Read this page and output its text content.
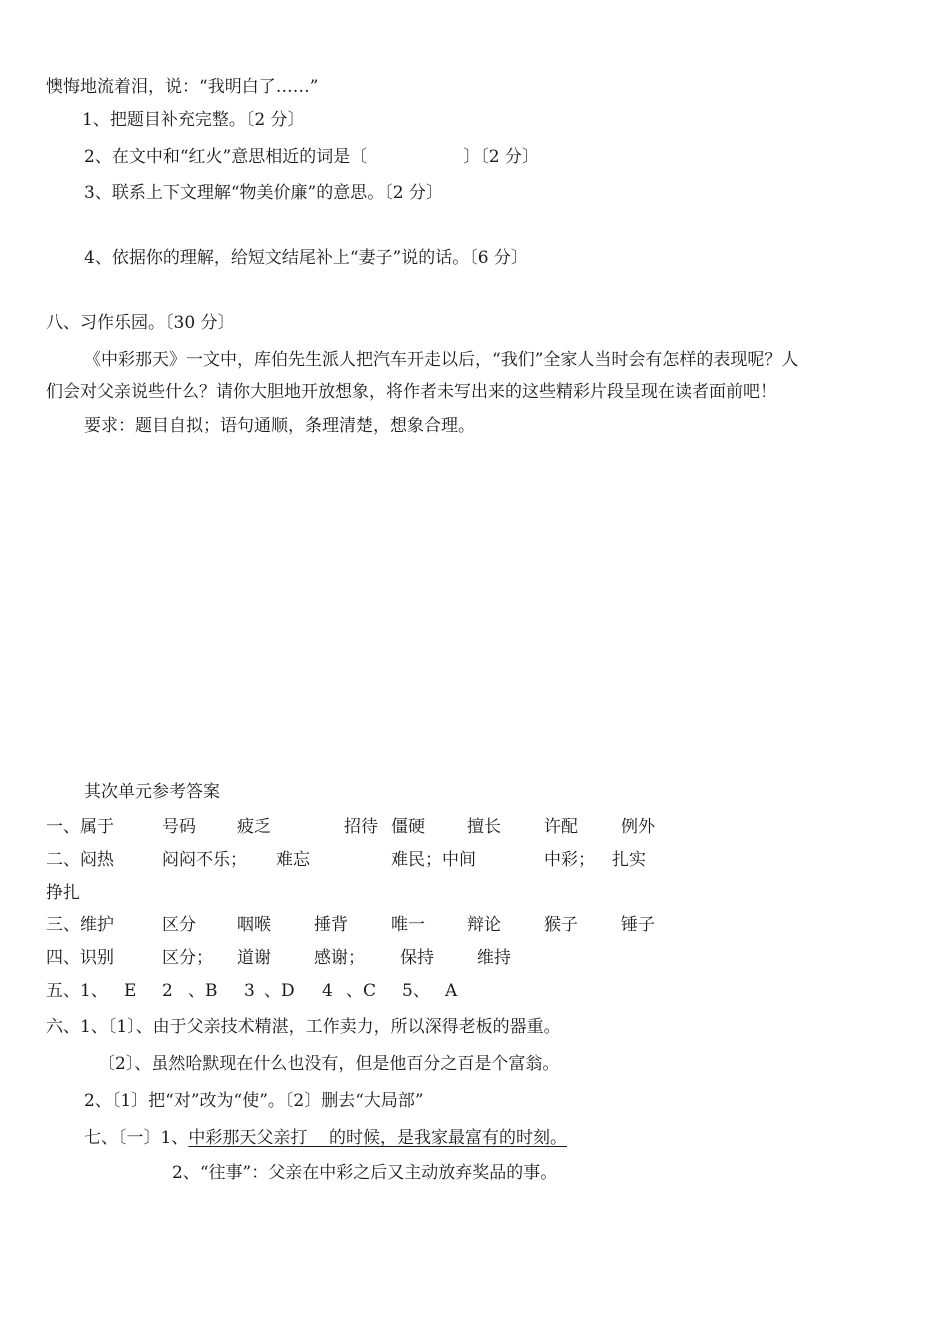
懊悔地流着泪，说：“我明白了……”
1、把题目补充完整。〔2 分〕
2、在文中和“红火”意思相近的词是〔	〕〔2 分〕
3、联系上下文理解“物美价廉”的意思。〔2 分〕
4、依据你的理解，给短文结尾补上“妻子”说的话。〔6 分〕
八、习作乐园。〔30 分〕
《中彩那天》一文中，库伯先生派人把汽车开走以后，“我们”全家人当时会有怎样的表现呢？人
们会对父亲说些什么？请你大胆地开放想象，将作者未写出来的这些精彩片段呈现在读者面前吧！
要求：题目自拟；语句通顺，条理清楚，想象合理。
其次单元参考答案
一、属于	号码 疲乏	招待 僵硬 擅长	许配	例外
二、闷热	闷闷不乐； 难忘	难民；中间	中彩； 扎实
挣扎
三、维护	区分 咽喉	捶背	唯一 辩论	猴子	锤子
四、识别	区分； 道谢	感谢； 保持	维持
五、1、 E 2 、B 3 、D 4 、C 5、 A
六、1、〔1〕、由于父亲技术精湛，工作卖力，所以深得老板的器重。
〔2〕、虽然哈默现在什么也没有，但是他百分之百是个富翁。
2、〔1〕把“对”改为“使”。〔2〕删去“大局部”
七、〔一〕1、中彩那天父亲打    的时候，是我家最富有的时刻。
2、“往事”：父亲在中彩之后又主动放弃奖品的事。
